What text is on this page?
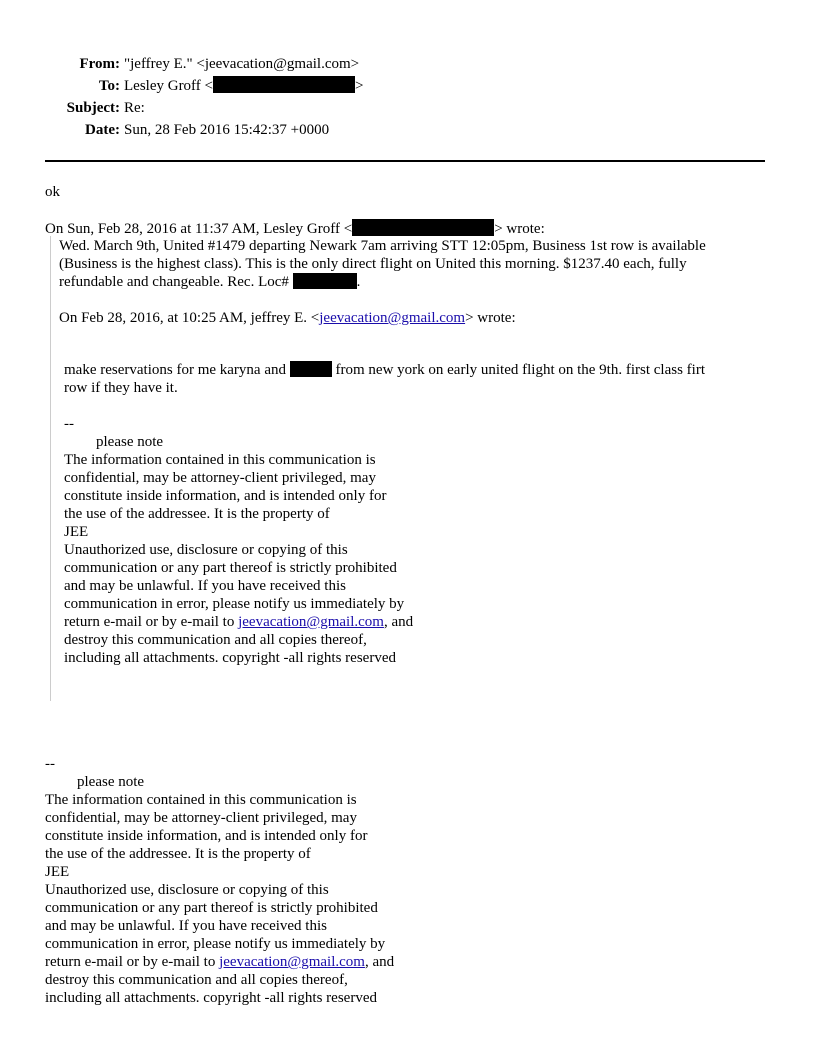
From: "jeffrey E." <jeevacation@gmail.com>
To: Lesley Groff <	>
Subject: Re:
Date: Sun, 28 Feb 2016 15:42:37 +0000
ok
On Sun, Feb 28, 2016 at 11:37 AM, Lesley Groff <	> wrote:
Wed. March 9th, United #1479 departing Newark 7am arriving STT 12:05pm, Business 1st row is available
(Business is the highest class). This is the only direct flight on United this morning. $1237.40 each, fully
refundable and changeable. Rec. Loc#	.
On Feb 28, 2016, at 10:25 AM, jeffrey E. <jeevacation@gmail.com> wrote:
make reservations for me karyna and	from new york on early united flight on the 9th. first class firt
row if they have it.
--
please note
The information contained in this communication is
confidential, may be attorney-client privileged, may
constitute inside information, and is intended only for
the use of the addressee. It is the property of
JEE
Unauthorized use, disclosure or copying of this
communication or any part thereof is strictly prohibited
and may be unlawful. If you have received this
communication in error, please notify us immediately by
return e-mail or by e-mail to jeevacation@gmail.com, and
destroy this communication and all copies thereof,
including all attachments. copyright -all rights reserved
--
please note
The information contained in this communication is
confidential, may be attorney-client privileged, may
constitute inside information, and is intended only for
the use of the addressee. It is the property of
JEE
Unauthorized use, disclosure or copying of this
communication or any part thereof is strictly prohibited
and may be unlawful. If you have received this
communication in error, please notify us immediately by
return e-mail or by e-mail to jeevacation@gmail.com, and
destroy this communication and all copies thereof,
including all attachments. copyright -all rights reserved
